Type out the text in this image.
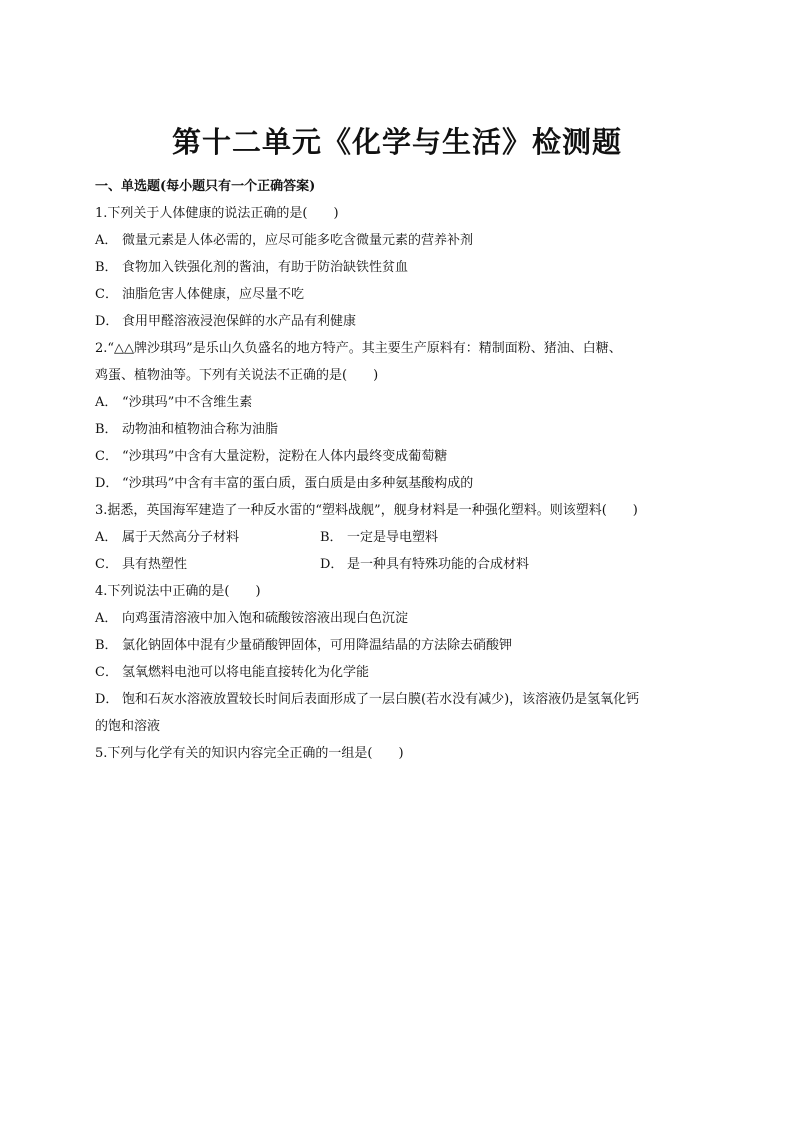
第十二单元《化学与生活》检测题
一、单选题(每小题只有一个正确答案)
1.下列关于人体健康的说法正确的是(　　)
A． 微量元素是人体必需的，应尽可能多吃含微量元素的营养补剂
B． 食物加入铁强化剂的酱油，有助于防治缺铁性贫血
C． 油脂危害人体健康，应尽量不吃
D． 食用甲醛溶液浸泡保鲜的水产品有利健康
2.“△△牌沙琪玛”是乐山久负盛名的地方特产。其主要生产原料有：精制面粉、猪油、白糖、
鸡蛋、植物油等。下列有关说法不正确的是(　　)
A． “沙琪玛”中不含维生素
B． 动物油和植物油合称为油脂
C． “沙琪玛”中含有大量淀粉，淀粉在人体内最终变成葡萄糖
D． “沙琪玛”中含有丰富的蛋白质，蛋白质是由多种氨基酸构成的
3.据悉，英国海军建造了一种反水雷的“塑料战舰”，舰身材料是一种强化塑料。则该塑料(　　)
A． 属于天然高分子材料	B． 一定是导电塑料
C． 具有热塑性	D． 是一种具有特殊功能的合成材料
4.下列说法中正确的是(　　)
A． 向鸡蛋清溶液中加入饱和硫酸铵溶液出现白色沉淀
B． 氯化钠固体中混有少量硝酸钾固体，可用降温结晶的方法除去硝酸钾
C． 氢氧燃料电池可以将电能直接转化为化学能
D． 饱和石灰水溶液放置较长时间后表面形成了一层白膜(若水没有减少)，该溶液仍是氢氧化钙
的饱和溶液
5.下列与化学有关的知识内容完全正确的一组是(　　)
